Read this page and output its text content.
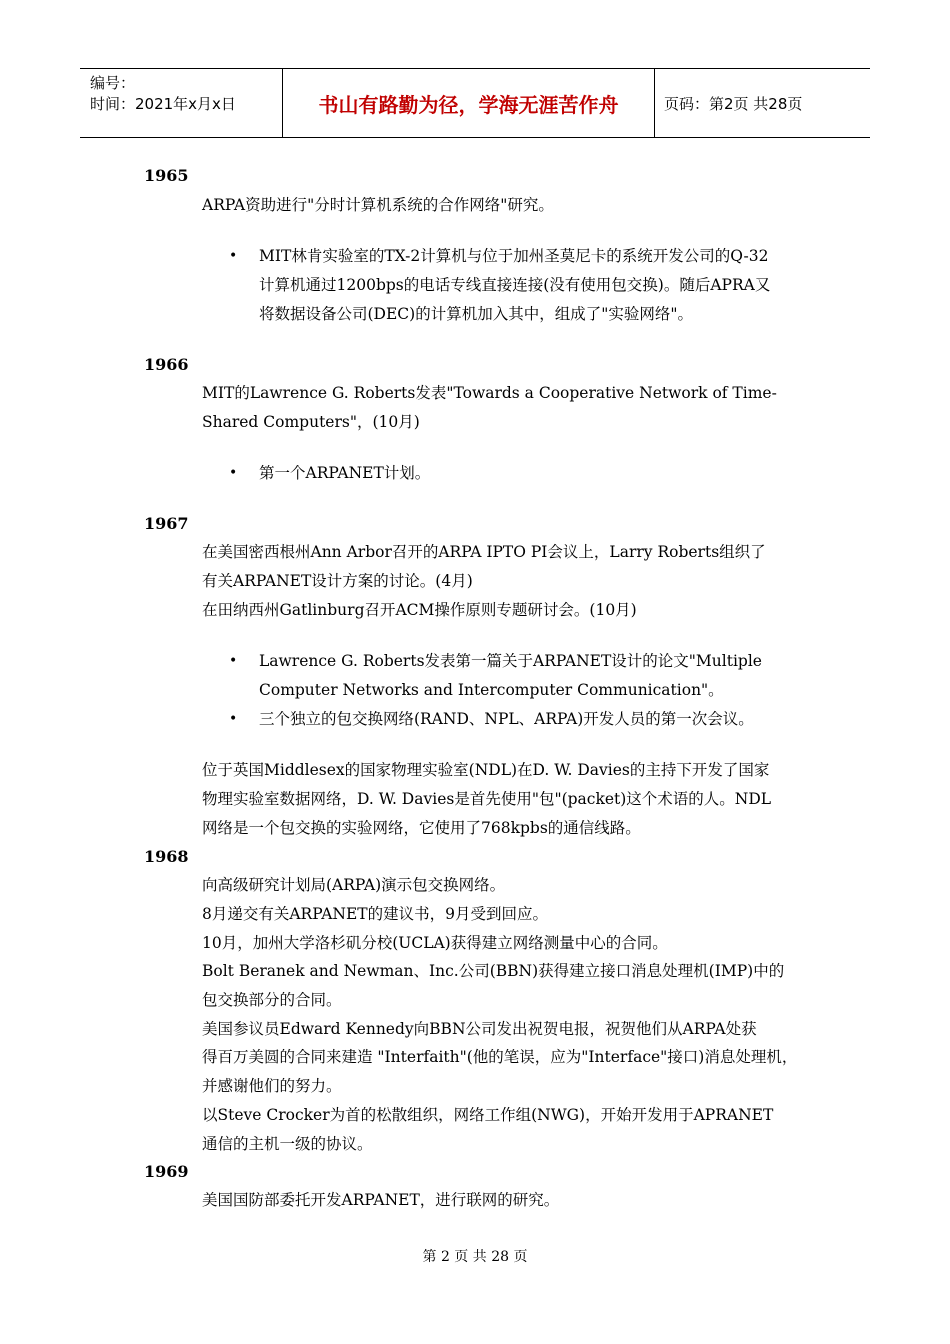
编号：
时间：2021年x月x日	书山有路勤为径，学海无涯苦作舟	页码：第2页 共28页
1965
ARPA资助进行"分时计算机系统的合作网络"研究。
• MIT林肯实验室的TX-2计算机与位于加州圣莫尼卡的系统开发公司的Q-32
计算机通过1200bps的电话专线直接连接(没有使用包交换)。随后APRA又
将数据设备公司(DEC)的计算机加入其中，组成了"实验网络"。
1966
MIT的Lawrence G. Roberts发表"Towards a Cooperative Network of Time-
Shared Computers"，(10月)
• 第一个ARPANET计划。
1967
在美国密西根州Ann Arbor召开的ARPA IPTO PI会议上，Larry Roberts组织了
有关ARPANET设计方案的讨论。(4月)
在田纳西州Gatlinburg召开ACM操作原则专题研讨会。(10月)
• Lawrence G. Roberts发表第一篇关于ARPANET设计的论文"Multiple
Computer Networks and Intercomputer Communication"。
• 三个独立的包交换网络(RAND、NPL、ARPA)开发人员的第一次会议。
位于英国Middlesex的国家物理实验室(NDL)在D. W. Davies的主持下开发了国家
物理实验室数据网络，D. W. Davies是首先使用"包"(packet)这个术语的人。NDL
网络是一个包交换的实验网络，它使用了768kpbs的通信线路。
1968
向高级研究计划局(ARPA)演示包交换网络。
8月递交有关ARPANET的建议书，9月受到回应。
10月，加州大学洛杉矶分校(UCLA)获得建立网络测量中心的合同。
Bolt Beranek and Newman、Inc.公司(BBN)获得建立接口消息处理机(IMP)中的
包交换部分的合同。
美国参议员Edward Kennedy向BBN公司发出祝贺电报，祝贺他们从ARPA处获
得百万美圆的合同来建造 "Interfaith"(他的笔误，应为"Interface"接口)消息处理机，
并感谢他们的努力。
以Steve Crocker为首的松散组织，网络工作组(NWG)，开始开发用于APRANET
通信的主机一级的协议。
1969
美国国防部委托开发ARPANET，进行联网的研究。
第 2 页 共 28 页
